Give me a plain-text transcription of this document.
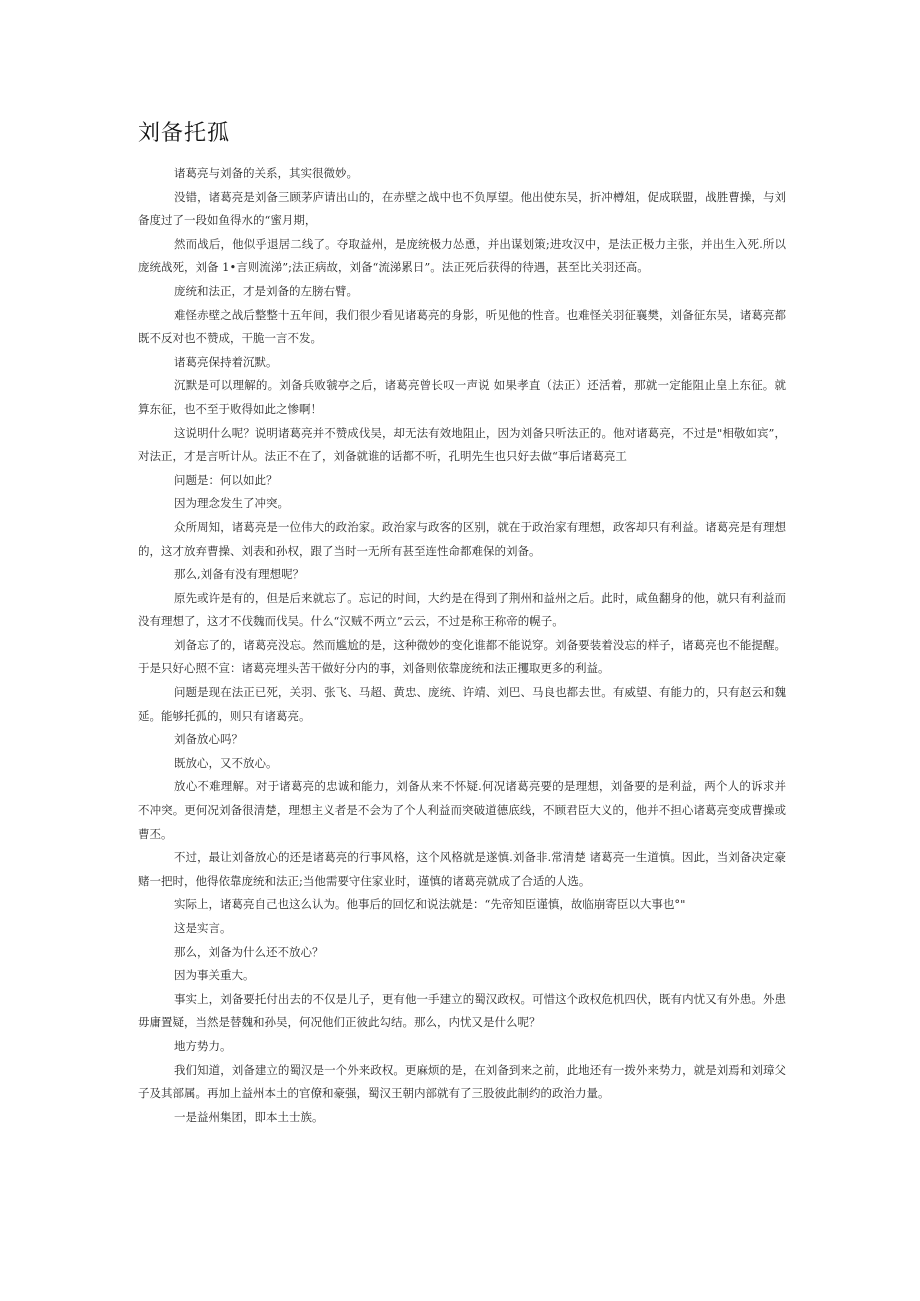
刘备托孤

诸葛亮与刘备的关系，其实很微妙。

没错，诸葛亮是刘备三顾茅庐请出山的，在赤壁之战中也不负厚望。他出使东吴，折冲樽俎，促成联盟，战胜曹操，与刘备度过了一段如鱼得水的“蜜月期，

然而战后，他似乎退居二线了。夺取益州，是庞统极力怂恿，并出谋划策;进攻汉中，是法正极力主张，并出生入死.所以庞统战死，刘备 1•言则流涕”;法正病故，刘备“流涕累日”。法正死后获得的待遇，甚至比关羽还高。

庞统和法正，才是刘备的左膀右臂。

难怪赤壁之战后整整十五年间，我们很少看见诸葛亮的身影，听见他的性音。也难怪关羽征襄樊，刘备征东吴，诸葛亮都既不反对也不赞成，干脆一言不发。

诸葛亮保持着沉默。

沉默是可以理解的。刘备兵败虢亭之后，诸葛亮曾长叹一声说 如果孝直（法正）还活着，那就一定能阻止皇上东征。就算东征，也不至于败得如此之惨啊！

这说明什么呢？说明诸葛亮并不赞成伐吴，却无法有效地阻止，因为刘备只听法正的。他对诸葛亮，不过是"相敬如宾”，对法正，才是言听计从。法正不在了，刘备就谁的话都不听，孔明先生也只好去做“事后诸葛亮工

问题是：何以如此？

因为理念发生了冲突。

众所周知，诸葛亮是一位伟大的政治家。政治家与政客的区别，就在于政治家有理想，政客却只有利益。诸葛亮是有理想的，这才放弃曹操、刘表和孙权，跟了当时一无所有甚至连性命都难保的刘备。

那么,刘备有没有理想呢？

原先或许是有的，但是后来就忘了。忘记的时间，大约是在得到了荆州和益州之后。此时，咸鱼翻身的他，就只有利益而没有理想了，这才不伐魏而伐吴。什么“汉贼不两立”云云，不过是称王称帝的幌子。

刘备忘了的，诸葛亮没忘。然而尴尬的是，这种微妙的变化谁都不能说穿。刘备要装着没忘的样子，诸葛亮也不能提醒。于是只好心照不宣：诸葛亮埋头苦干做好分内的事，刘备则依靠庞统和法正攫取更多的利益。

问题是现在法正已死，关羽、张飞、马超、黄忠、庞统、许靖、刘巴、马良也都去世。有威望、有能力的，只有赵云和魏延。能够托孤的，则只有诸葛亮。

刘备放心吗？

既放心，又不放心。

放心不难理解。对于诸葛亮的忠诚和能力，刘备从来不怀疑.何况诸葛亮要的是理想，刘备要的是利益，两个人的诉求并不冲突。更何况刘备很清楚，理想主义者是不会为了个人利益而突破道德底线，不顾君臣大义的，他并不担心诸葛亮变成曹操或曹丕。

不过，最让刘备放心的还是诸葛亮的行事风格，这个风格就是遂慎.刘备非.常清楚 诸葛亮一生道慎。因此，当刘备决定豪赌一把时，他得依靠庞统和法正;当他需要守住家业时，谨慎的诸葛亮就成了合适的人选。

实际上，诸葛亮自己也这么认为。他事后的回忆和说法就是：“先帝知臣谨慎，故临崩寄臣以大事也°"

这是实言。

那么，刘备为什么还不放心？

因为事关重大。

事实上，刘备要托付出去的不仅是儿子，更有他一手建立的蜀汉政权。可惜这个政权危机四伏，既有内忧又有外患。外患毋庸置疑，当然是替魏和孙吴，何况他们正彼此勾结。那么，内忧又是什么呢？

地方势力。

我们知道，刘备建立的蜀汉是一个外来政权。更麻烦的是，在刘备到来之前，此地还有一拨外来势力，就是刘焉和刘璋父子及其部属。再加上益州本土的官僚和豪强，蜀汉王朝内部就有了三股彼此制约的政治力量。

一是益州集团，即本土士族。
